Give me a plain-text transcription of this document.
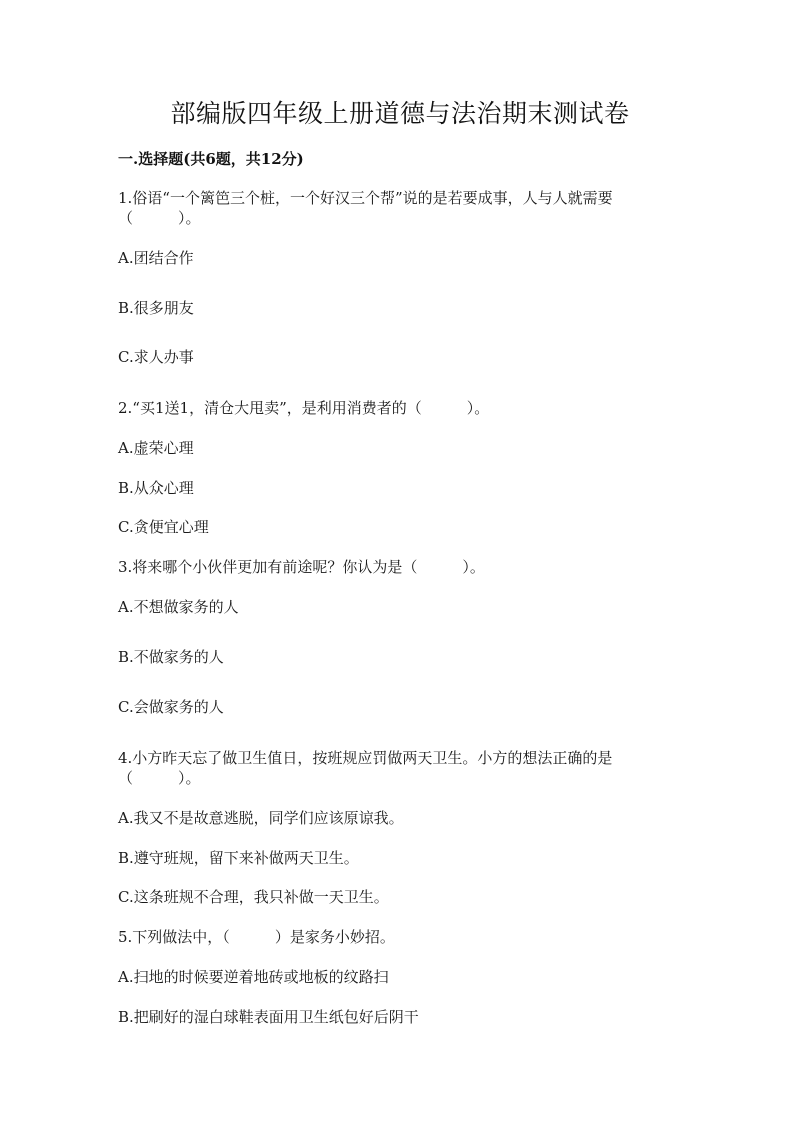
部编版四年级上册道德与法治期末测试卷
一.选择题(共6题，共12分)
1.俗语“一个篱笆三个桩，一个好汉三个帮”说的是若要成事，人与人就需要
（　　　）。
A.团结合作
B.很多朋友
C.求人办事
2.“买1送1，清仓大甩卖”，是利用消费者的（　　　）。
A.虚荣心理
B.从众心理
C.贪便宜心理
3.将来哪个小伙伴更加有前途呢？你认为是（　　　）。
A.不想做家务的人
B.不做家务的人
C.会做家务的人
4.小方昨天忘了做卫生值日，按班规应罚做两天卫生。小方的想法正确的是
（　　　）。
A.我又不是故意逃脱，同学们应该原谅我。
B.遵守班规，留下来补做两天卫生。
C.这条班规不合理，我只补做一天卫生。
5.下列做法中，（　　　）是家务小妙招。
A.扫地的时候要逆着地砖或地板的纹路扫
B.把刷好的湿白球鞋表面用卫生纸包好后阴干
